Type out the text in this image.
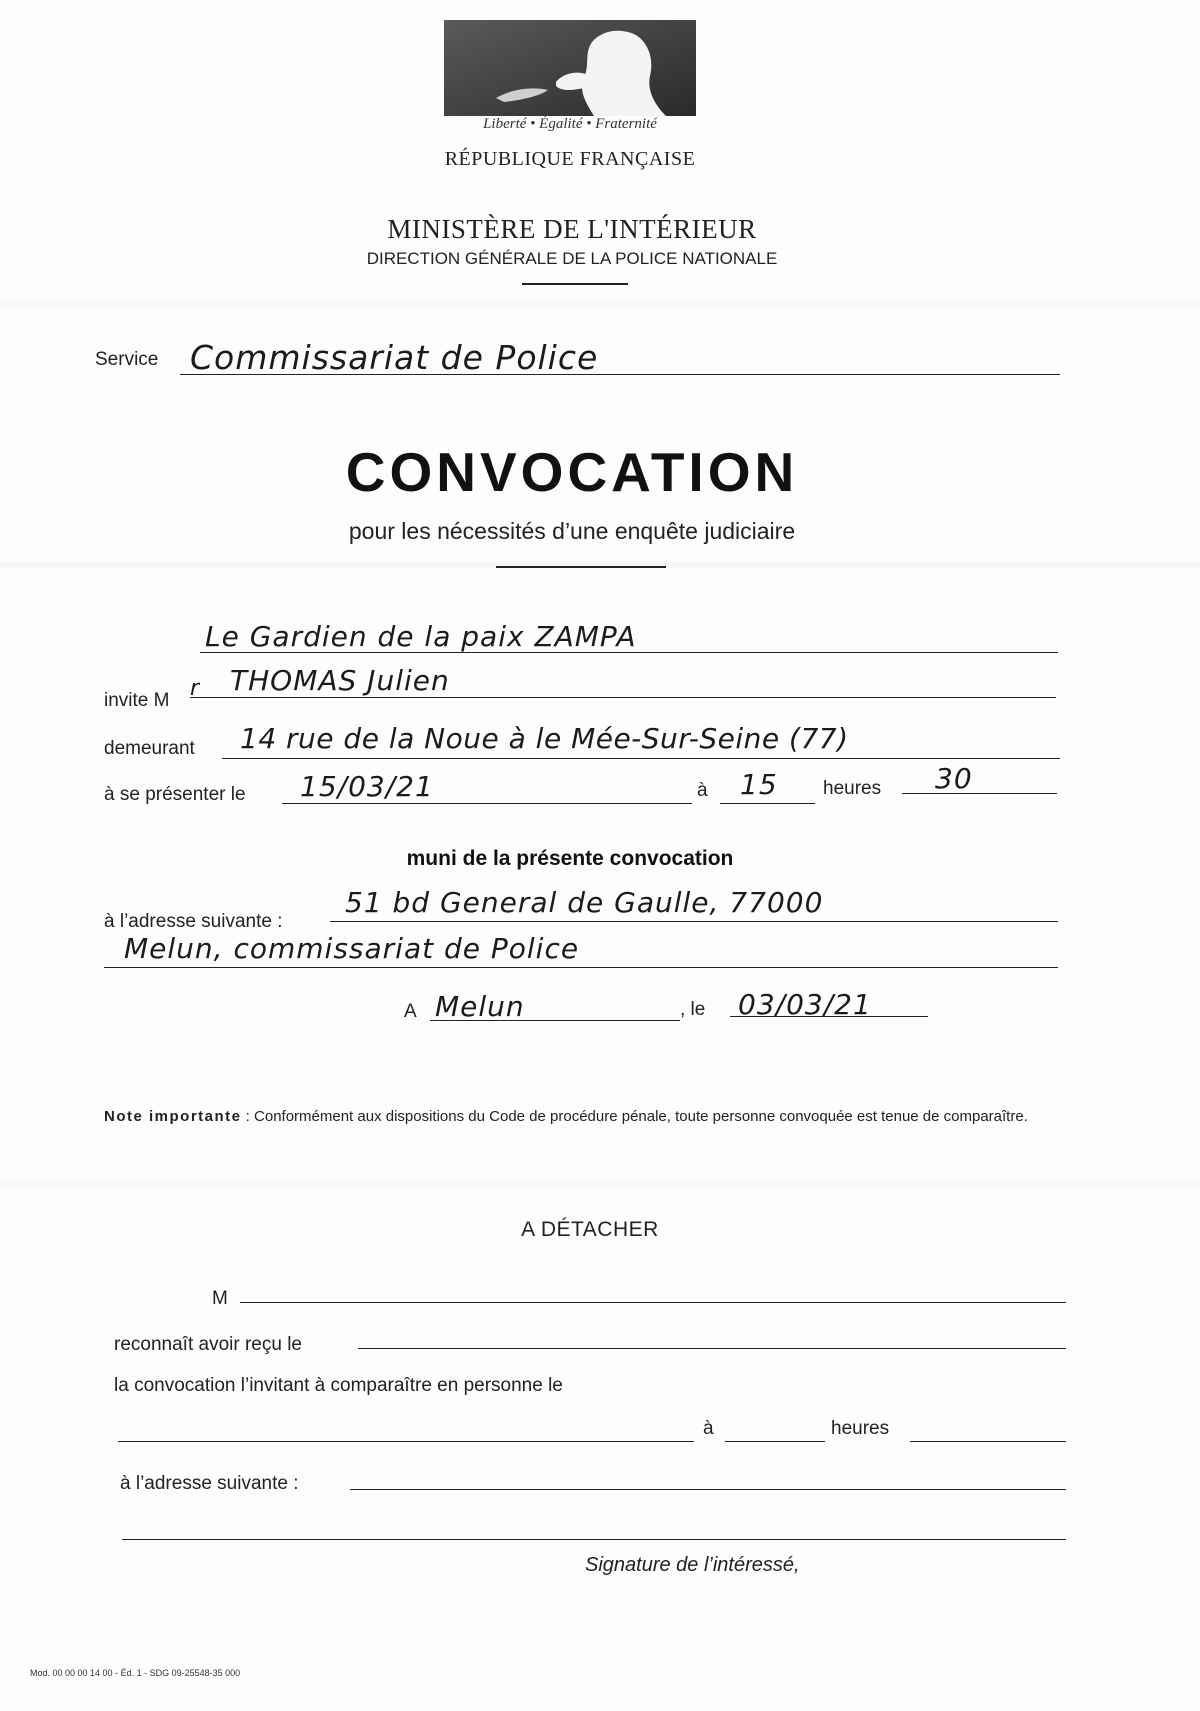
Liberté • Égalité • Fraternité
RÉPUBLIQUE FRANÇAISE
MINISTÈRE DE L'INTÉRIEUR
DIRECTION GÉNÉRALE DE LA POLICE NATIONALE
Service Commissariat de Police
CONVOCATION
pour les nécessités d’une enquête judiciaire
Le Gardien de la paix ZAMPA
invite M r THOMAS Julien
demeurant 14 rue de la Noue à le Mée-Sur-Seine (77)
à se présenter le 15/03/21	à 15 heures 30
muni de la présente convocation
à l’adresse suivante :
51 bd General de Gaulle, 77000
Melun, commissariat de Police
A Melun	, le 03/03/21
Note importante : Conformément aux dispositions du Code de procédure pénale, toute personne convoquée est tenue de comparaître.
A DÉTACHER
M
reconnaît avoir reçu le
la convocation l’invitant à comparaître en personne le
à	heures
à l’adresse suivante :
Signature de l’intéressé,
Mod. 00 00 00 14 00 - Éd. 1 - SDG 09-25548-35 000
